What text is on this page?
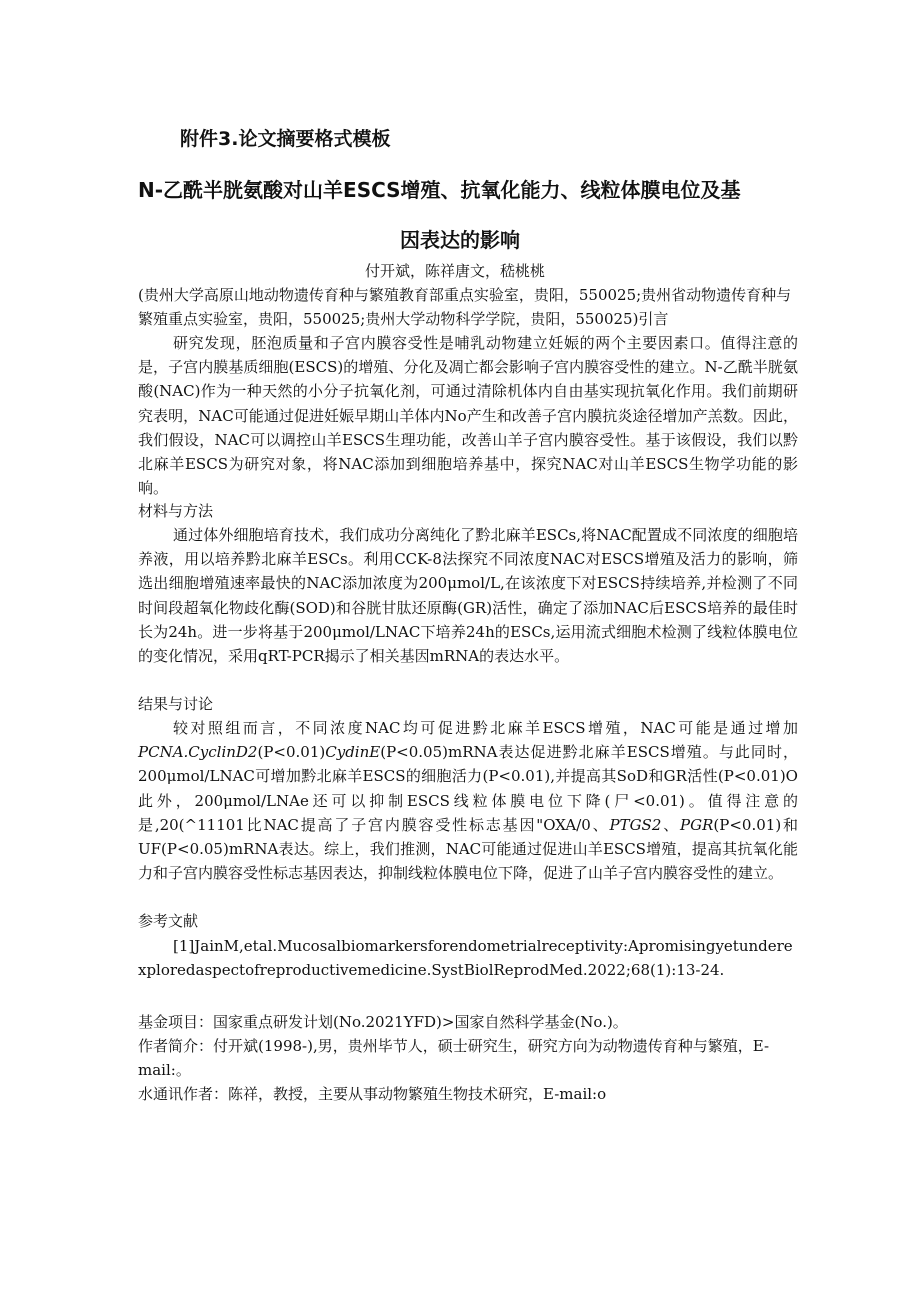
附件3.论文摘要格式模板
N-乙酰半胱氨酸对山羊ESCS增殖、抗氧化能力、线粒体膜电位及基
因表达的影响
付开斌，陈祥唐文，嵇桃桃
(贵州大学高原山地动物遗传育种与繁殖教育部重点实验室，贵阳，550025;贵州省动物遗传育种与繁殖重点实验室，贵阳，550025;贵州大学动物科学学院，贵阳，550025)引言

研究发现，胚泡质量和子宫内膜容受性是哺乳动物建立妊娠的两个主要因素口。值得注意的是，子宫内膜基质细胞(ESCS)的增殖、分化及凋亡都会影响子宫内膜容受性的建立。N-乙酰半胱氨酸(NAC)作为一种天然的小分子抗氧化剂，可通过清除机体内自由基实现抗氧化作用。我们前期研究表明，NAC可能通过促进妊娠早期山羊体内No产生和改善子宫内膜抗炎途径增加产羔数。因此，我们假设，NAC可以调控山羊ESCS生理功能，改善山羊子宫内膜容受性。基于该假设，我们以黔北麻羊ESCS为研究对象，将NAC添加到细胞培养基中，探究NAC对山羊ESCS生物学功能的影响。

材料与方法

通过体外细胞培育技术，我们成功分离纯化了黔北麻羊ESCs,将NAC配置成不同浓度的细胞培养液，用以培养黔北麻羊ESCs。利用CCK-8法探究不同浓度NAC对ESCS增殖及活力的影响，筛选出细胞增殖速率最快的NAC添加浓度为200μmol/L,在该浓度下对ESCS持续培养,并检测了不同时间段超氧化物歧化酶(SOD)和谷胱甘肽还原酶(GR)活性，确定了添加NAC后ESCS培养的最佳时长为24h。进一步将基于200μmol/LNAC下培养24h的ESCs,运用流式细胞术检测了线粒体膜电位的变化情况，采用qRT-PCR揭示了相关基因mRNA的表达水平。

结果与讨论

较对照组而言，不同浓度NAC均可促进黔北麻羊ESCS增殖，NAC可能是通过增加PCNA.CyclinD2(P<0.01)CydinE(P<0.05)mRNA表达促进黔北麻羊ESCS增殖。与此同时，200μmol/LNAC可增加黔北麻羊ESCS的细胞活力(P<0.01),并提高其SoD和GR活性(P<0.01)O此外，200μmol/LNAe还可以抑制ESCS线粒体膜电位下降(尸<0.01)。值得注意的是,20(^11101比NAC提高了子宫内膜容受性标志基因"OXA/0、PTGS2、PGR(P<0.01)和UF(P<0.05)mRNA表达。综上，我们推测，NAC可能通过促进山羊ESCS增殖，提高其抗氧化能力和子宫内膜容受性标志基因表达，抑制线粒体膜电位下降，促进了山羊子宫内膜容受性的建立。

参考文献

[1]JainM,etal.Mucosalbiomarkersforendometrialreceptivity:Apromisingyetunderexploredaspectofreproductivemedicine.SystBiolReprodMed.2022;68(1):13-24.

基金项目：国家重点研发计划(No.2021YFD)>国家自然科学基金(No.)。
作者简介：付开斌(1998-),男，贵州毕节人，硕士研究生，研究方向为动物遗传育种与繁殖，E-mail:。
水通讯作者：陈祥，教授，主要从事动物繁殖生物技术研究，E-mail:o
